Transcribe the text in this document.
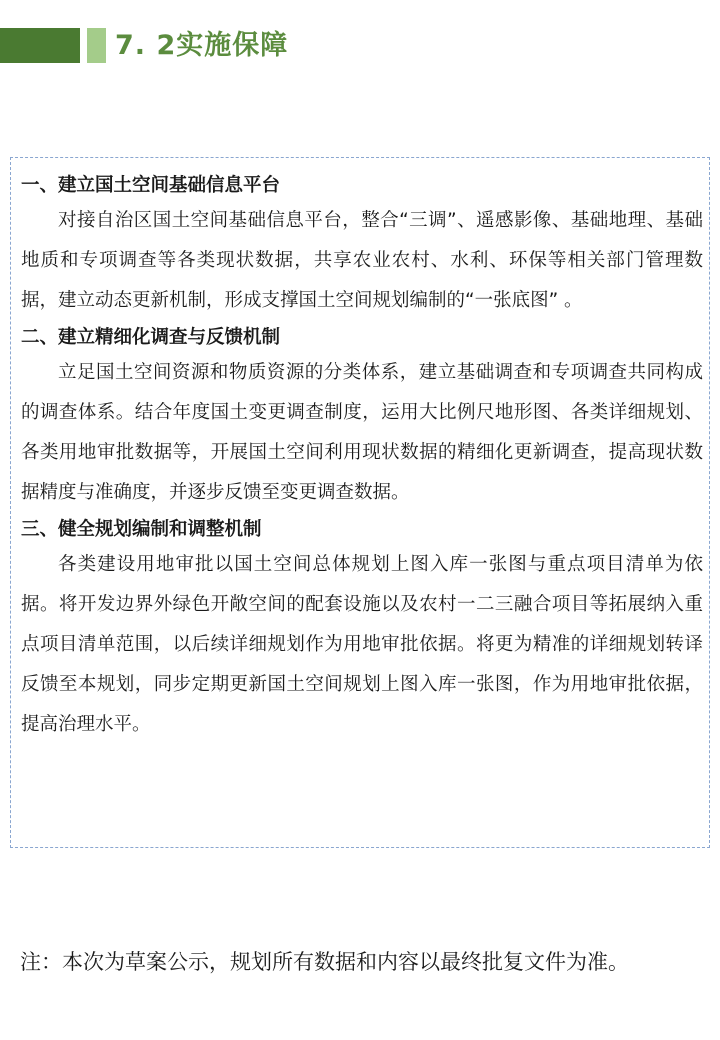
7. 2实施保障

一、建立国土空间基础信息平台

对接自治区国土空间基础信息平台，整合“三调”、遥感影像、基础地理、基础地质和专项调查等各类现状数据，共享农业农村、水利、环保等相关部门管理数据，建立动态更新机制，形成支撑国土空间规划编制的“一张底图” 。

二、建立精细化调查与反馈机制

立足国土空间资源和物质资源的分类体系，建立基础调查和专项调查共同构成的调查体系。结合年度国土变更调查制度，运用大比例尺地形图、各类详细规划、各类用地审批数据等，开展国土空间利用现状数据的精细化更新调查，提高现状数据精度与准确度，并逐步反馈至变更调查数据。

三、健全规划编制和调整机制

各类建设用地审批以国土空间总体规划上图入库一张图与重点项目清单为依据。将开发边界外绿色开敞空间的配套设施以及农村一二三融合项目等拓展纳入重点项目清单范围，以后续详细规划作为用地审批依据。将更为精准的详细规划转译反馈至本规划，同步定期更新国土空间规划上图入库一张图，作为用地审批依据，提高治理水平。

注：本次为草案公示，规划所有数据和内容以最终批复文件为准。
